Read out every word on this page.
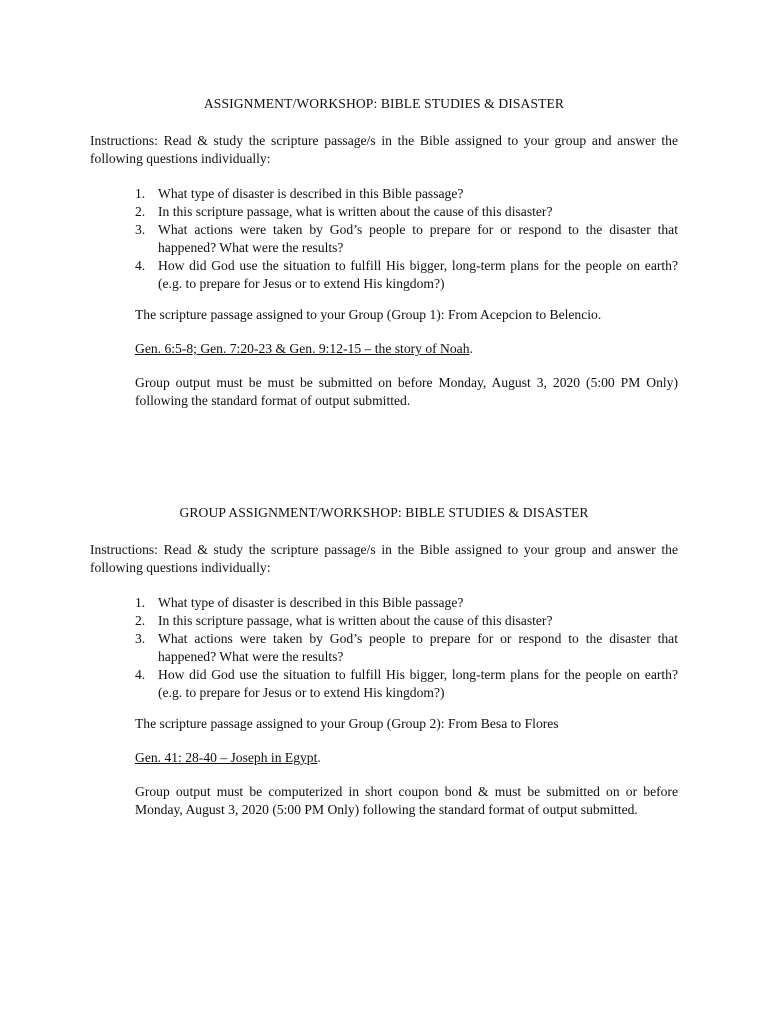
ASSIGNMENT/WORKSHOP: BIBLE STUDIES & DISASTER
Instructions: Read & study the scripture passage/s in the Bible assigned to your group and answer the following questions individually:
1. What type of disaster is described in this Bible passage?
2. In this scripture passage, what is written about the cause of this disaster?
3. What actions were taken by God’s people to prepare for or respond to the disaster that happened? What were the results?
4. How did God use the situation to fulfill His bigger, long-term plans for the people on earth? (e.g. to prepare for Jesus or to extend His kingdom?)
The scripture passage assigned to your Group (Group 1): From Acepcion to Belencio.
Gen. 6:5-8; Gen. 7:20-23 & Gen. 9:12-15 – the story of Noah.
Group output must be must be submitted on before Monday, August 3, 2020 (5:00 PM Only) following the standard format of output submitted.
GROUP ASSIGNMENT/WORKSHOP: BIBLE STUDIES & DISASTER
Instructions: Read & study the scripture passage/s in the Bible assigned to your group and answer the following questions individually:
1. What type of disaster is described in this Bible passage?
2. In this scripture passage, what is written about the cause of this disaster?
3. What actions were taken by God’s people to prepare for or respond to the disaster that happened? What were the results?
4. How did God use the situation to fulfill His bigger, long-term plans for the people on earth? (e.g. to prepare for Jesus or to extend His kingdom?)
The scripture passage assigned to your Group (Group 2): From Besa to Flores
Gen. 41: 28-40 – Joseph in Egypt.
Group output must be computerized in short coupon bond & must be submitted on or before Monday, August 3, 2020 (5:00 PM Only) following the standard format of output submitted.
